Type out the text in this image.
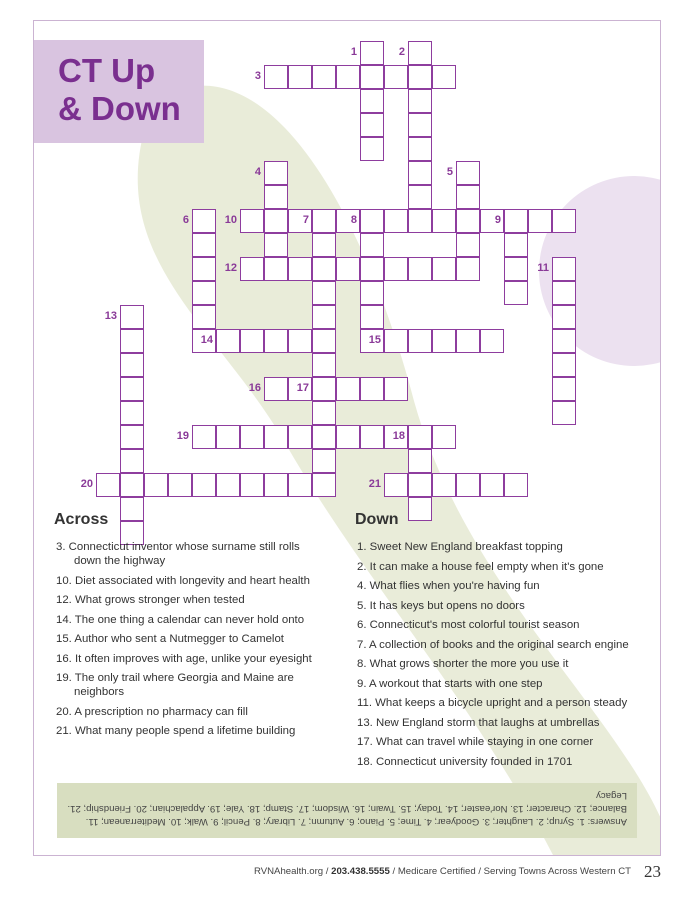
CT Up
& Down
3
10
12
14	15
16
19
20	21
1	2
4	5
6	7	8	9
11
13
17
18
Across	Down
3. Connecticut inventor whose surname still rolls down the highway
10. Diet associated with longevity and heart health
12. What grows stronger when tested
14. The one thing a calendar can never hold onto
15. Author who sent a Nutmegger to Camelot
16. It often improves with age, unlike your eyesight
19. The only trail where Georgia and Maine are neighbors
20. A prescription no pharmacy can fill
21. What many people spend a lifetime building
1. Sweet New England breakfast topping
2. It can make a house feel empty when it's gone
4. What flies when you're having fun
5. It has keys but opens no doors
6. Connecticut's most colorful tourist season
7. A collection of books and the original search engine
8. What grows shorter the more you use it
9. A workout that starts with one step
11. What keeps a bicycle upright and a person steady
13. New England storm that laughs at umbrellas
17. What can travel while staying in one corner
18. Connecticut university founded in 1701
Answers: 1. Syrup; 2. Laughter; 3. Goodyear; 4. Time; 5. Piano; 6. Autumn; 7. Library; 8. Pencil; 9. Walk; 10. Mediterranean; 11. Balance; 12. Character; 13. Nor'easter; 14. Today; 15. Twain; 16. Wisdom; 17. Stamp; 18. Yale; 19. Appalachian; 20. Friendship; 21. Legacy
RVNAhealth.org / 203.438.5555 / Medicare Certified / Serving Towns Across Western CT 23
